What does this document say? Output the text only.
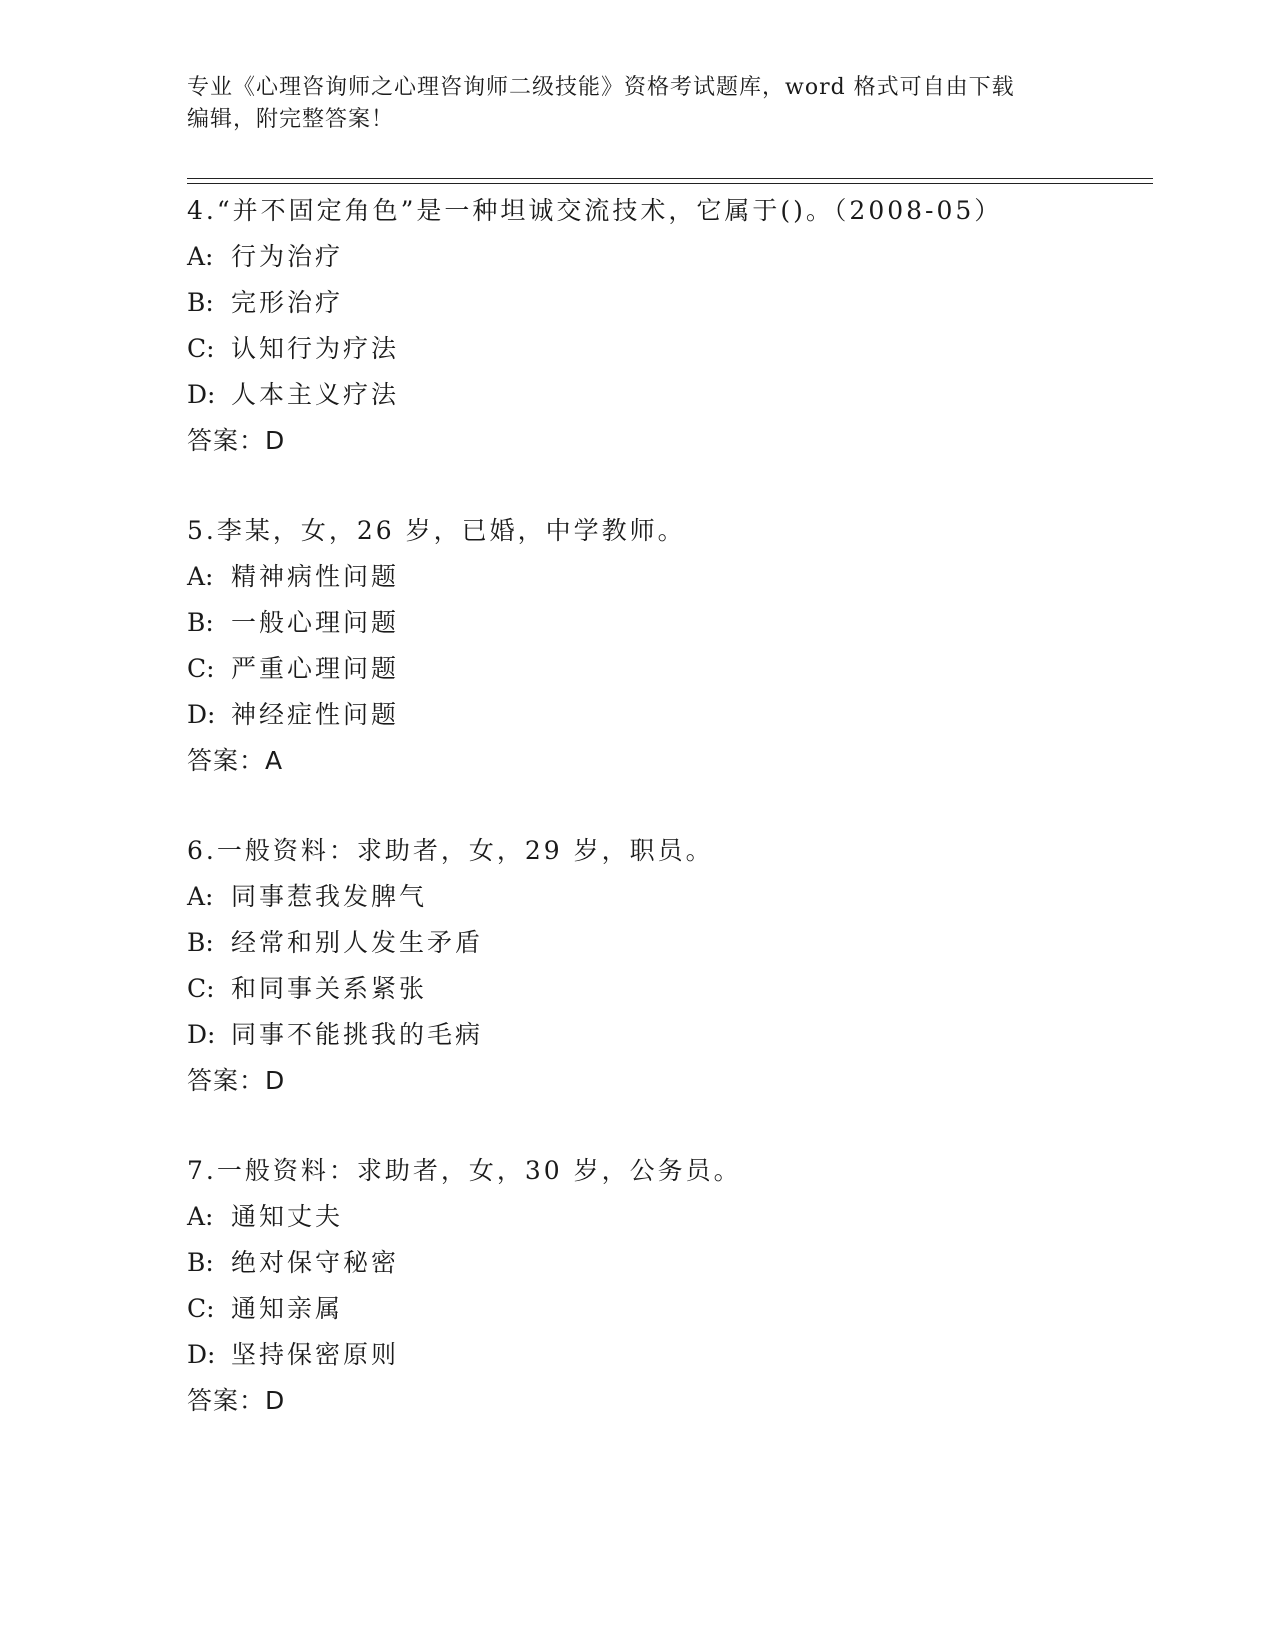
专业《心理咨询师之心理咨询师二级技能》资格考试题库，word 格式可自由下载
编辑，附完整答案！
4.“并不固定角色”是一种坦诚交流技术，它属于()。（2008-05）
A: 行为治疗
B: 完形治疗
C: 认知行为疗法
D: 人本主义疗法
答案：D
5.李某，女，26 岁，已婚，中学教师。
A: 精神病性问题
B: 一般心理问题
C: 严重心理问题
D: 神经症性问题
答案：A
6.一般资料：求助者，女，29 岁，职员。
A: 同事惹我发脾气
B: 经常和别人发生矛盾
C: 和同事关系紧张
D: 同事不能挑我的毛病
答案：D
7.一般资料：求助者，女，30 岁，公务员。
A: 通知丈夫
B: 绝对保守秘密
C: 通知亲属
D: 坚持保密原则
答案：D
